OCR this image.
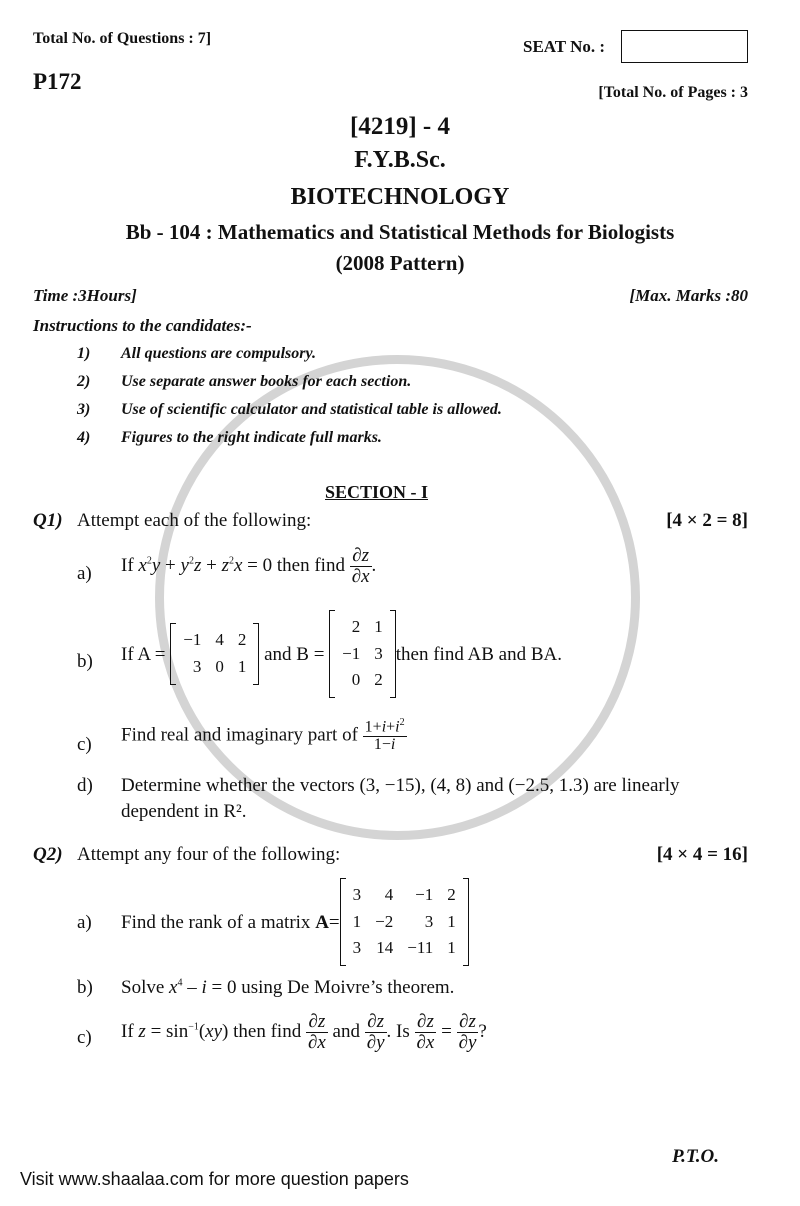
Total No. of Questions : 7]	SEAT No. :
P172	[Total No. of Pages : 3
[4219] - 4
F.Y.B.Sc.
BIOTECHNOLOGY
Bb - 104 : Mathematics and Statistical Methods for Biologists
(2008 Pattern)
Time :3Hours]	[Max. Marks :80
Instructions to the candidates:-
1) All questions are compulsory.
2) Use separate answer books for each section.
3) Use of scientific calculator and statistical table is allowed.
4) Figures to the right indicate full marks.
SECTION - I
Q1) Attempt each of the following:	[4 × 2 = 8]
a) If $x^2y + y^2z + z^2x = 0$ then find $\frac{\partial z}{\partial x}$ .
b) If A =
−1	4	2
3	0	1

and B =
2	1
−1	3
0	2

then find AB and BA.
c) Find real and imaginary part of $\frac{1+i+i^2}{1-i}$
d) Determine whether the vectors (3, −15), (4, 8) and (−2.5, 1.3) are linearly
dependent in R².
Q2) Attempt any four of the following:	[4 × 4 = 16]
a) Find the rank of a matrix A=
3	4	−1	2
1	−2	3	1
3	14	−11	1

b) Solve $x^4 - i = 0$ using De Moivre’s theorem.
c) If $z = \sin^{-1}(xy)$ then find $\frac{\partial z}{\partial x}$ and $\frac{\partial z}{\partial y}$ . Is $\frac{\partial z}{\partial x} = \frac{\partial z}{\partial y}$ ?
P.T.O.
Visit www.shaalaa.com for more question papers
